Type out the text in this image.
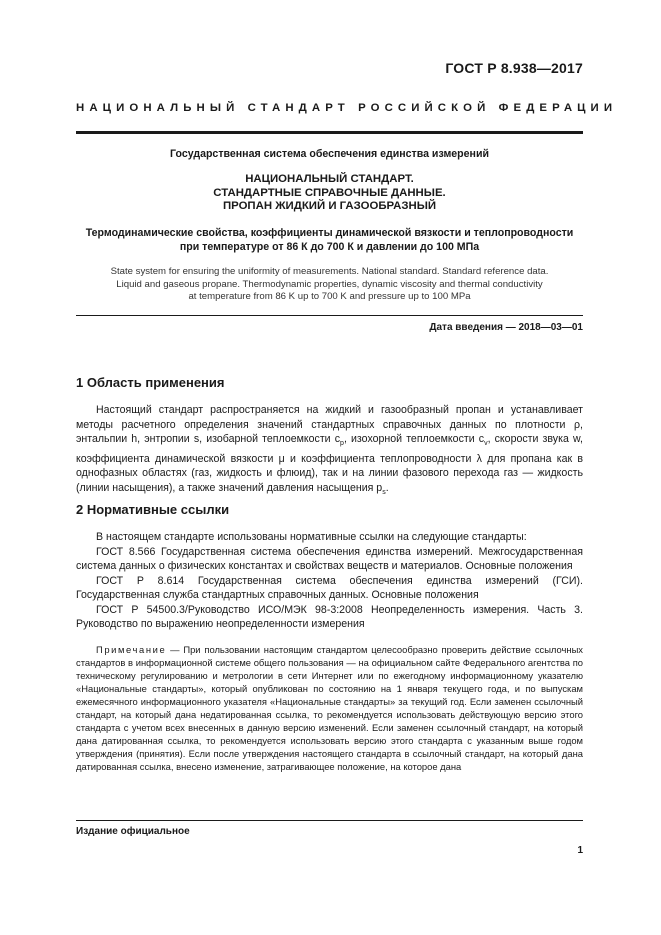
ГОСТ Р 8.938—2017
НАЦИОНАЛЬНЫЙ СТАНДАРТ РОССИЙСКОЙ ФЕДЕРАЦИИ
Государственная система обеспечения единства измерений
НАЦИОНАЛЬНЫЙ СТАНДАРТ.
СТАНДАРТНЫЕ СПРАВОЧНЫЕ ДАННЫЕ.
ПРОПАН ЖИДКИЙ И ГАЗООБРАЗНЫЙ
Термодинамические свойства, коэффициенты динамической вязкости и теплопроводности
при температуре от 86 К до 700 К и давлении до 100 МПа
State system for ensuring the uniformity of measurements. National standard. Standard reference data.
Liquid and gaseous propane. Thermodynamic properties, dynamic viscosity and thermal conductivity
at temperature from 86 K up to 700 K and pressure up to 100 MPa
Дата введения — 2018—03—01
1 Область применения

Настоящий стандарт распространяется на жидкий и газообразный пропан и устанавливает методы расчетного определения значений стандартных справочных данных по плотности ρ, энтальпии h, энтропии s, изобарной теплоемкости $c_p$, изохорной теплоемкости $c_v$, скорости звука w, коэффициента динамической вязкости μ и коэффициента теплопроводности λ для пропана как в однофазных областях (газ, жидкость и флюид), так и на линии фазового перехода газ — жидкость (линии насыщения), а также значений давления насыщения $p_s$.

2 Нормативные ссылки

В настоящем стандарте использованы нормативные ссылки на следующие стандарты:

ГОСТ 8.566 Государственная система обеспечения единства измерений. Межгосударственная система данных о физических константах и свойствах веществ и материалов. Основные положения

ГОСТ Р 8.614 Государственная система обеспечения единства измерений (ГСИ). Государственная служба стандартных справочных данных. Основные положения

ГОСТ Р 54500.3/Руководство ИСО/МЭК 98-3:2008 Неопределенность измерения. Часть 3. Руководство по выражению неопределенности измерения

Примечание — При пользовании настоящим стандартом целесообразно проверить действие ссылочных стандартов в информационной системе общего пользования — на официальном сайте Федерального агентства по техническому регулированию и метрологии в сети Интернет или по ежегодному информационному указателю «Национальные стандарты», который опубликован по состоянию на 1 января текущего года, и по выпускам ежемесячного информационного указателя «Национальные стандарты» за текущий год. Если заменен ссылочный стандарт, на который дана недатированная ссылка, то рекомендуется использовать действующую версию этого стандарта с учетом всех внесенных в данную версию изменений. Если заменен ссылочный стандарт, на который дана датированная ссылка, то рекомендуется использовать версию этого стандарта с указанным выше годом утверждения (принятия). Если после утверждения настоящего стандарта в ссылочный стандарт, на который дана датированная ссылка, внесено изменение, затрагивающее положение, на которое дана
Издание официальное
1
